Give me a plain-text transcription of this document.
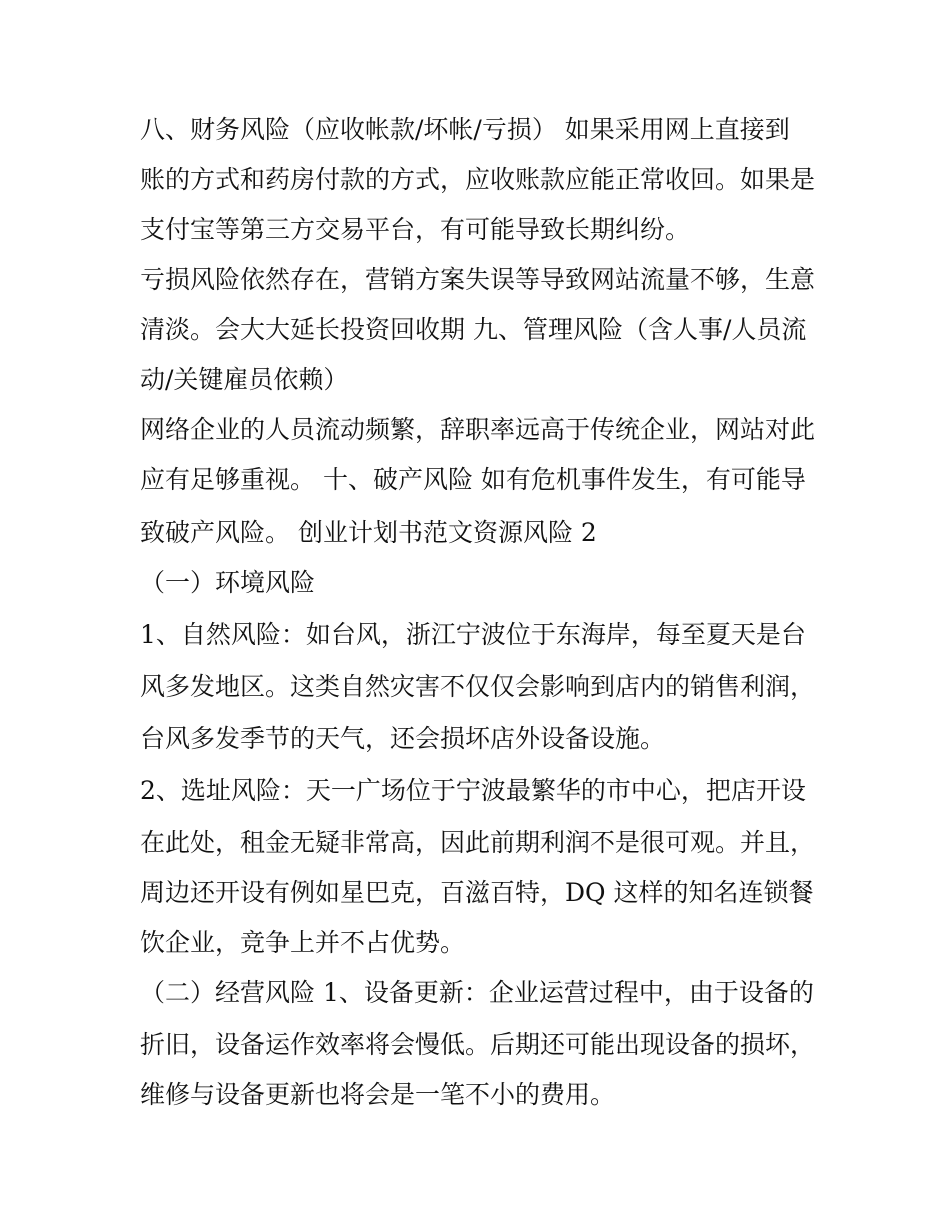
八、财务风险（应收帐款/坏帐/亏损） 如果采用网上直接到
账的方式和药房付款的方式，应收账款应能正常收回。如果是
支付宝等第三方交易平台，有可能导致长期纠纷。
亏损风险依然存在，营销方案失误等导致网站流量不够，生意
清淡。会大大延长投资回收期 九、管理风险（含人事/人员流
动/关键雇员依赖）
网络企业的人员流动频繁，辞职率远高于传统企业，网站对此
应有足够重视。 十、破产风险 如有危机事件发生，有可能导
致破产风险。 创业计划书范文资源风险 2
（一）环境风险
1、自然风险：如台风，浙江宁波位于东海岸，每至夏天是台
风多发地区。这类自然灾害不仅仅会影响到店内的销售利润，
台风多发季节的天气，还会损坏店外设备设施。
2、选址风险：天一广场位于宁波最繁华的市中心，把店开设
在此处，租金无疑非常高，因此前期利润不是很可观。并且，
周边还开设有例如星巴克，百滋百特，DQ 这样的知名连锁餐
饮企业，竞争上并不占优势。
（二）经营风险 1、设备更新：企业运营过程中，由于设备的
折旧，设备运作效率将会慢低。后期还可能出现设备的损坏，
维修与设备更新也将会是一笔不小的费用。
